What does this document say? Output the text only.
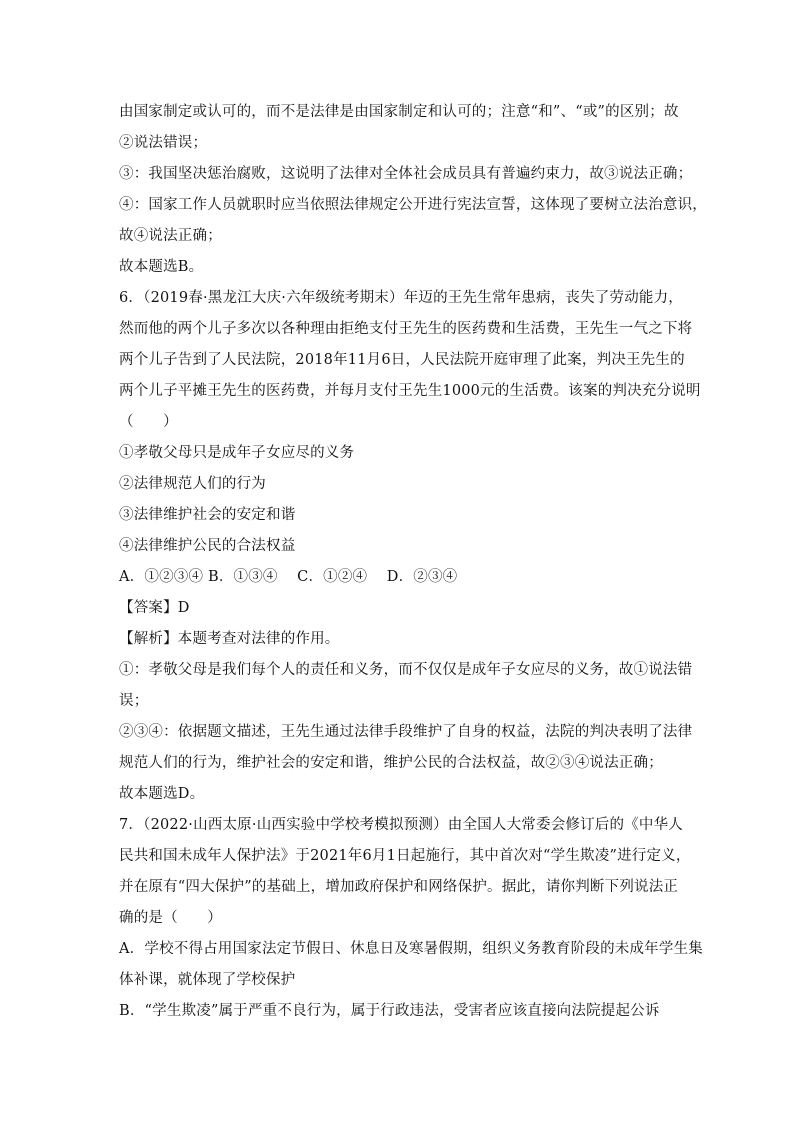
由国家制定或认可的，而不是法律是由国家制定和认可的；注意“和”、“或”的区别；故
②说法错误；
③：我国坚决惩治腐败，这说明了法律对全体社会成员具有普遍约束力，故③说法正确；
④：国家工作人员就职时应当依照法律规定公开进行宪法宣誓，这体现了要树立法治意识，
故④说法正确；
故本题选B。
6．（2019春·黑龙江大庆·六年级统考期末）年迈的王先生常年患病，丧失了劳动能力，
然而他的两个儿子多次以各种理由拒绝支付王先生的医药费和生活费，王先生一气之下将
两个儿子告到了人民法院，2018年11月6日，人民法院开庭审理了此案，判决王先生的
两个儿子平摊王先生的医药费，并每月支付王先生1000元的生活费。该案的判决充分说明
（　　）
①孝敬父母只是成年子女应尽的义务
②法律规范人们的行为
③法律维护社会的安定和谐
④法律维护公民的合法权益
A．①②③④ B．①③④　 C．①②④　 D．②③④
【答案】D
【解析】本题考查对法律的作用。
①：孝敬父母是我们每个人的责任和义务，而不仅仅是成年子女应尽的义务，故①说法错
误；
②③④：依据题文描述，王先生通过法律手段维护了自身的权益，法院的判决表明了法律
规范人们的行为，维护社会的安定和谐，维护公民的合法权益，故②③④说法正确；
故本题选D。
7．（2022·山西太原·山西实验中学校考模拟预测）由全国人大常委会修订后的《中华人
民共和国未成年人保护法》于2021年6月1日起施行，其中首次对“学生欺凌”进行定义，
并在原有“四大保护”的基础上，增加政府保护和网络保护。据此，请你判断下列说法正
确的是（　　）
A．学校不得占用国家法定节假日、休息日及寒暑假期，组织义务教育阶段的未成年学生集
体补课，就体现了学校保护
B．“学生欺凌”属于严重不良行为，属于行政违法，受害者应该直接向法院提起公诉
